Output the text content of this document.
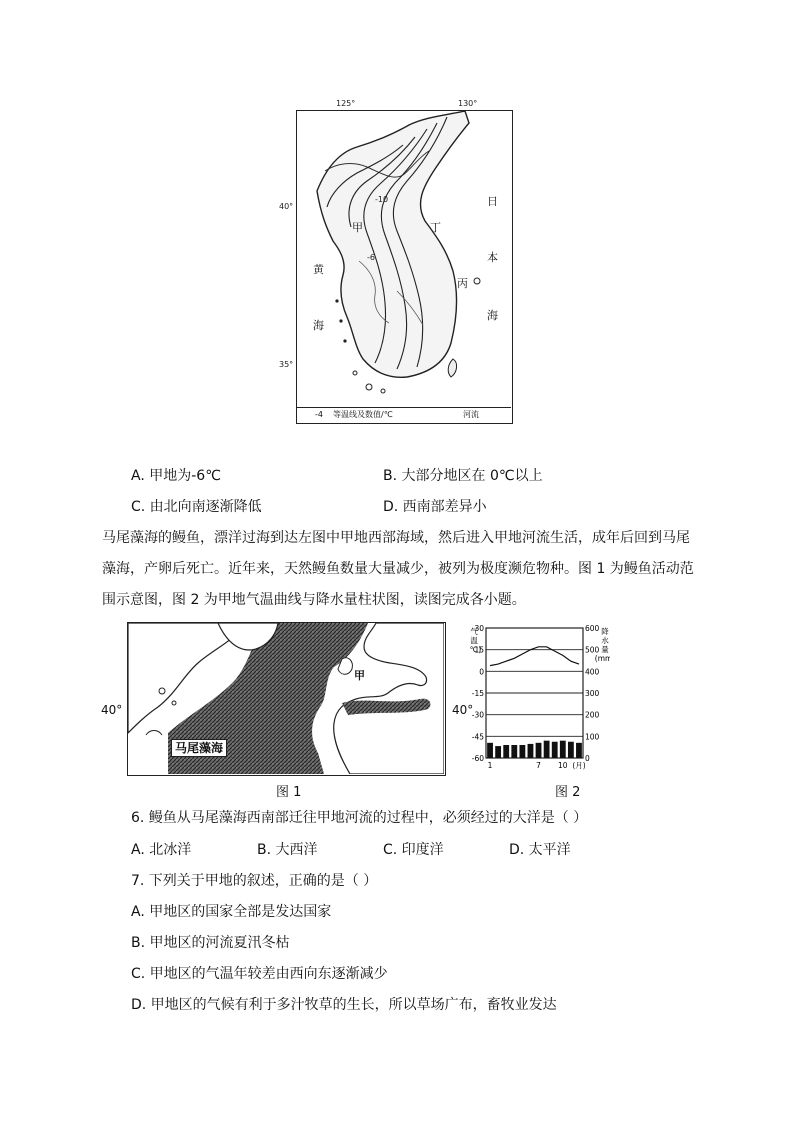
125°	130°
40°
35°
甲
丙
丁
-10
-6
黄
海
日
本
海
-4 等温线及数值/℃	河流
A. 甲地为-6℃	B. 大部分地区在 0℃以上
C. 由北向南逐渐降低	D. 西南部差异小
马尾藻海的鳗鱼，漂洋过海到达左图中甲地西部海域，然后进入甲地河流生活，成年后回到马尾藻海，产卵后死亡。近年来，天然鳗鱼数量大量减少，被列为极度濒危物种。图 1 为鳗鱼活动范围示意图，图 2 为甲地气温曲线与降水量柱状图，读图完成各小题。
马尾藻海
甲
40°	40°
图 1
30
15
0
-15
-30
-45
-60
600
500
400
300
200
100
0
1	7 10 (月)
气
温
℃)
降
水
量
(mm
图 2
6. 鳗鱼从马尾藻海西南部迁往甲地河流的过程中，必须经过的大洋是（ ）
A. 北冰洋	B. 大西洋	C. 印度洋	D. 太平洋
7. 下列关于甲地的叙述，正确的是（ ）
A. 甲地区的国家全部是发达国家
B. 甲地区的河流夏汛冬枯
C. 甲地区的气温年较差由西向东逐渐减少
D. 甲地区的气候有利于多汁牧草的生长，所以草场广布，畜牧业发达
